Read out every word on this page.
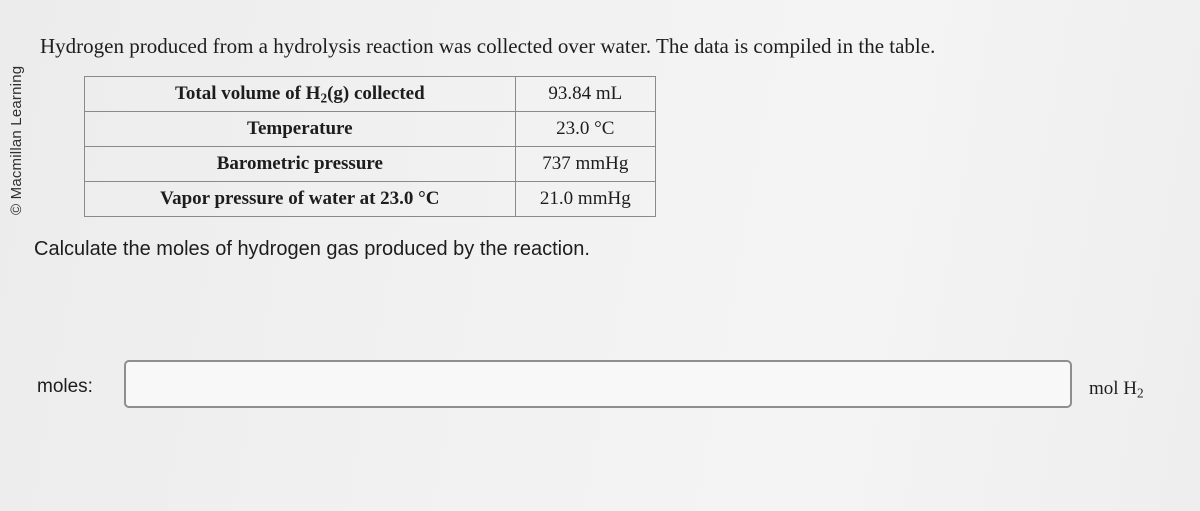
© Macmillan Learning
Hydrogen produced from a hydrolysis reaction was collected over water. The data is compiled in the table.
Total volume of $H_2(g)$ collected	93.84 mL
Temperature	23.0 °C
Barometric pressure	737 mmHg
Vapor pressure of water at 23.0 °C	21.0 mmHg
Calculate the moles of hydrogen gas produced by the reaction.
moles:	mol $H_2$
